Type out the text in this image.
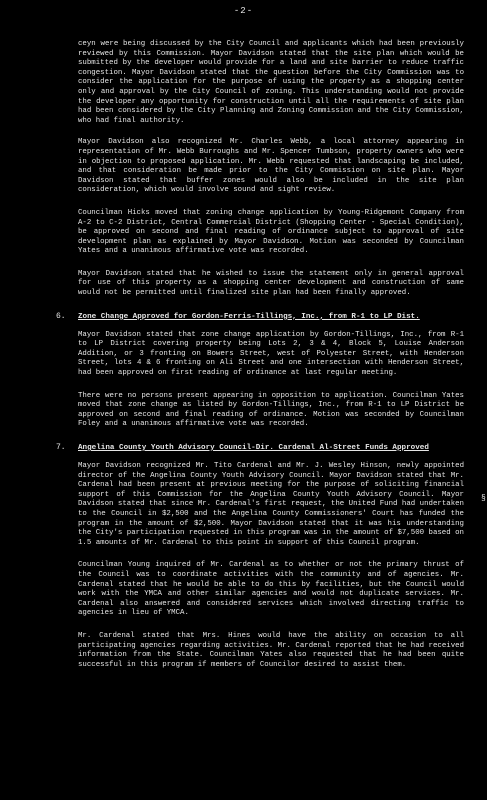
-2-

ceyn were being discussed by the City Council and applicants which had been previously reviewed by this Commission. Mayor Davidson stated that the site plan which would be submitted by the developer would provide for a land and site barrier to reduce traffic congestion. Mayor Davidson stated that the question before the City Commission was to consider the application for the purpose of using the property as a shopping center only and approval by the City Council of zoning. This understanding would not provide the developer any opportunity for construction until all the requirements of site plan had been considered by the City Planning and Zoning Commission and the City Commission, who had final authority.

Mayor Davidson also recognized Mr. Charles Webb, a local attorney appearing in representation of Mr. Webb Burroughs and Mr. Spencer Tumbson, property owners who were in objection to proposed application. Mr. Webb requested that landscaping be included, and that consideration be made prior to the City Commission on site plan. Mayor Davidson stated that buffer zones would also be included in the site plan consideration, which would involve sound and sight review.

Councilman Hicks moved that zoning change application by Young-Ridgemont Company from A-2 to C-2 District, Central Commercial District (Shopping Center - Special Condition), be approved on second and final reading of ordinance subject to approval of site development plan as explained by Mayor Davidson. Motion was seconded by Councilman Yates and a unanimous affirmative vote was recorded.

Mayor Davidson stated that he wished to issue the statement only in general approval for use of this property as a shopping center development and construction of same would not be permitted until finalized site plan had been finally approved.

6. Zone Change Approved for Gordon-Ferris-Tillings, Inc., from R-1 to LP Dist.

Mayor Davidson stated that zone change application by Gordon-Tillings, Inc., from R-1 to LP District covering property being Lots 2, 3 & 4, Block 5, Louise Anderson Addition, or 3 fronting on Bowers Street, west of Polyester Street, with Henderson Street, lots 4 & 6 fronting on Ali Street and one intersection with Henderson Street, had been approved on first reading of ordinance at last regular meeting.

There were no persons present appearing in opposition to application. Councilman Yates moved that zone change as listed by Gordon-Tillings, Inc., from R-1 to LP District be approved on second and final reading of ordinance. Motion was seconded by Councilman Foley and a unanimous affirmative vote was recorded.

7. Angelina County Youth Advisory Council-Dir. Cardenal Al-Street Funds Approved

Mayor Davidson recognized Mr. Tito Cardenal and Mr. J. Wesley Hinson, newly appointed director of the Angelina County Youth Advisory Council. Mayor Davidson stated that Mr. Cardenal had been present at previous meeting for the purpose of soliciting financial support of this Commission for the Angelina County Youth Advisory Council. Mayor Davidson stated that since Mr. Cardenal's first request, the United Fund had undertaken to the Council in $2,500 and the Angelina County Commissioners' Court has funded the program in the amount of $2,500. Mayor Davidson stated that it was his understanding the City's participation requested in this program was in the amount of $7,500 based on 1.5 amounts of Mr. Cardenal to this point in support of this Council program.

Councilman Young inquired of Mr. Cardenal as to whether or not the primary thrust of the Council was to coordinate activities with the community and of agencies. Mr. Cardenal stated that he would be able to do this by facilities, but the Council would work with the YMCA and other similar agencies and would not duplicate services. Mr. Cardenal also answered and considered services which involved directing traffic to agencies in lieu of YMCA.

Mr. Cardenal stated that Mrs. Hines would have the ability on occasion to all participating agencies regarding activities. Mr. Cardenal reported that he had received information from the State. Councilman Yates also requested that he had been quite successful in this program if members of Councilor desired to assist them.

§
